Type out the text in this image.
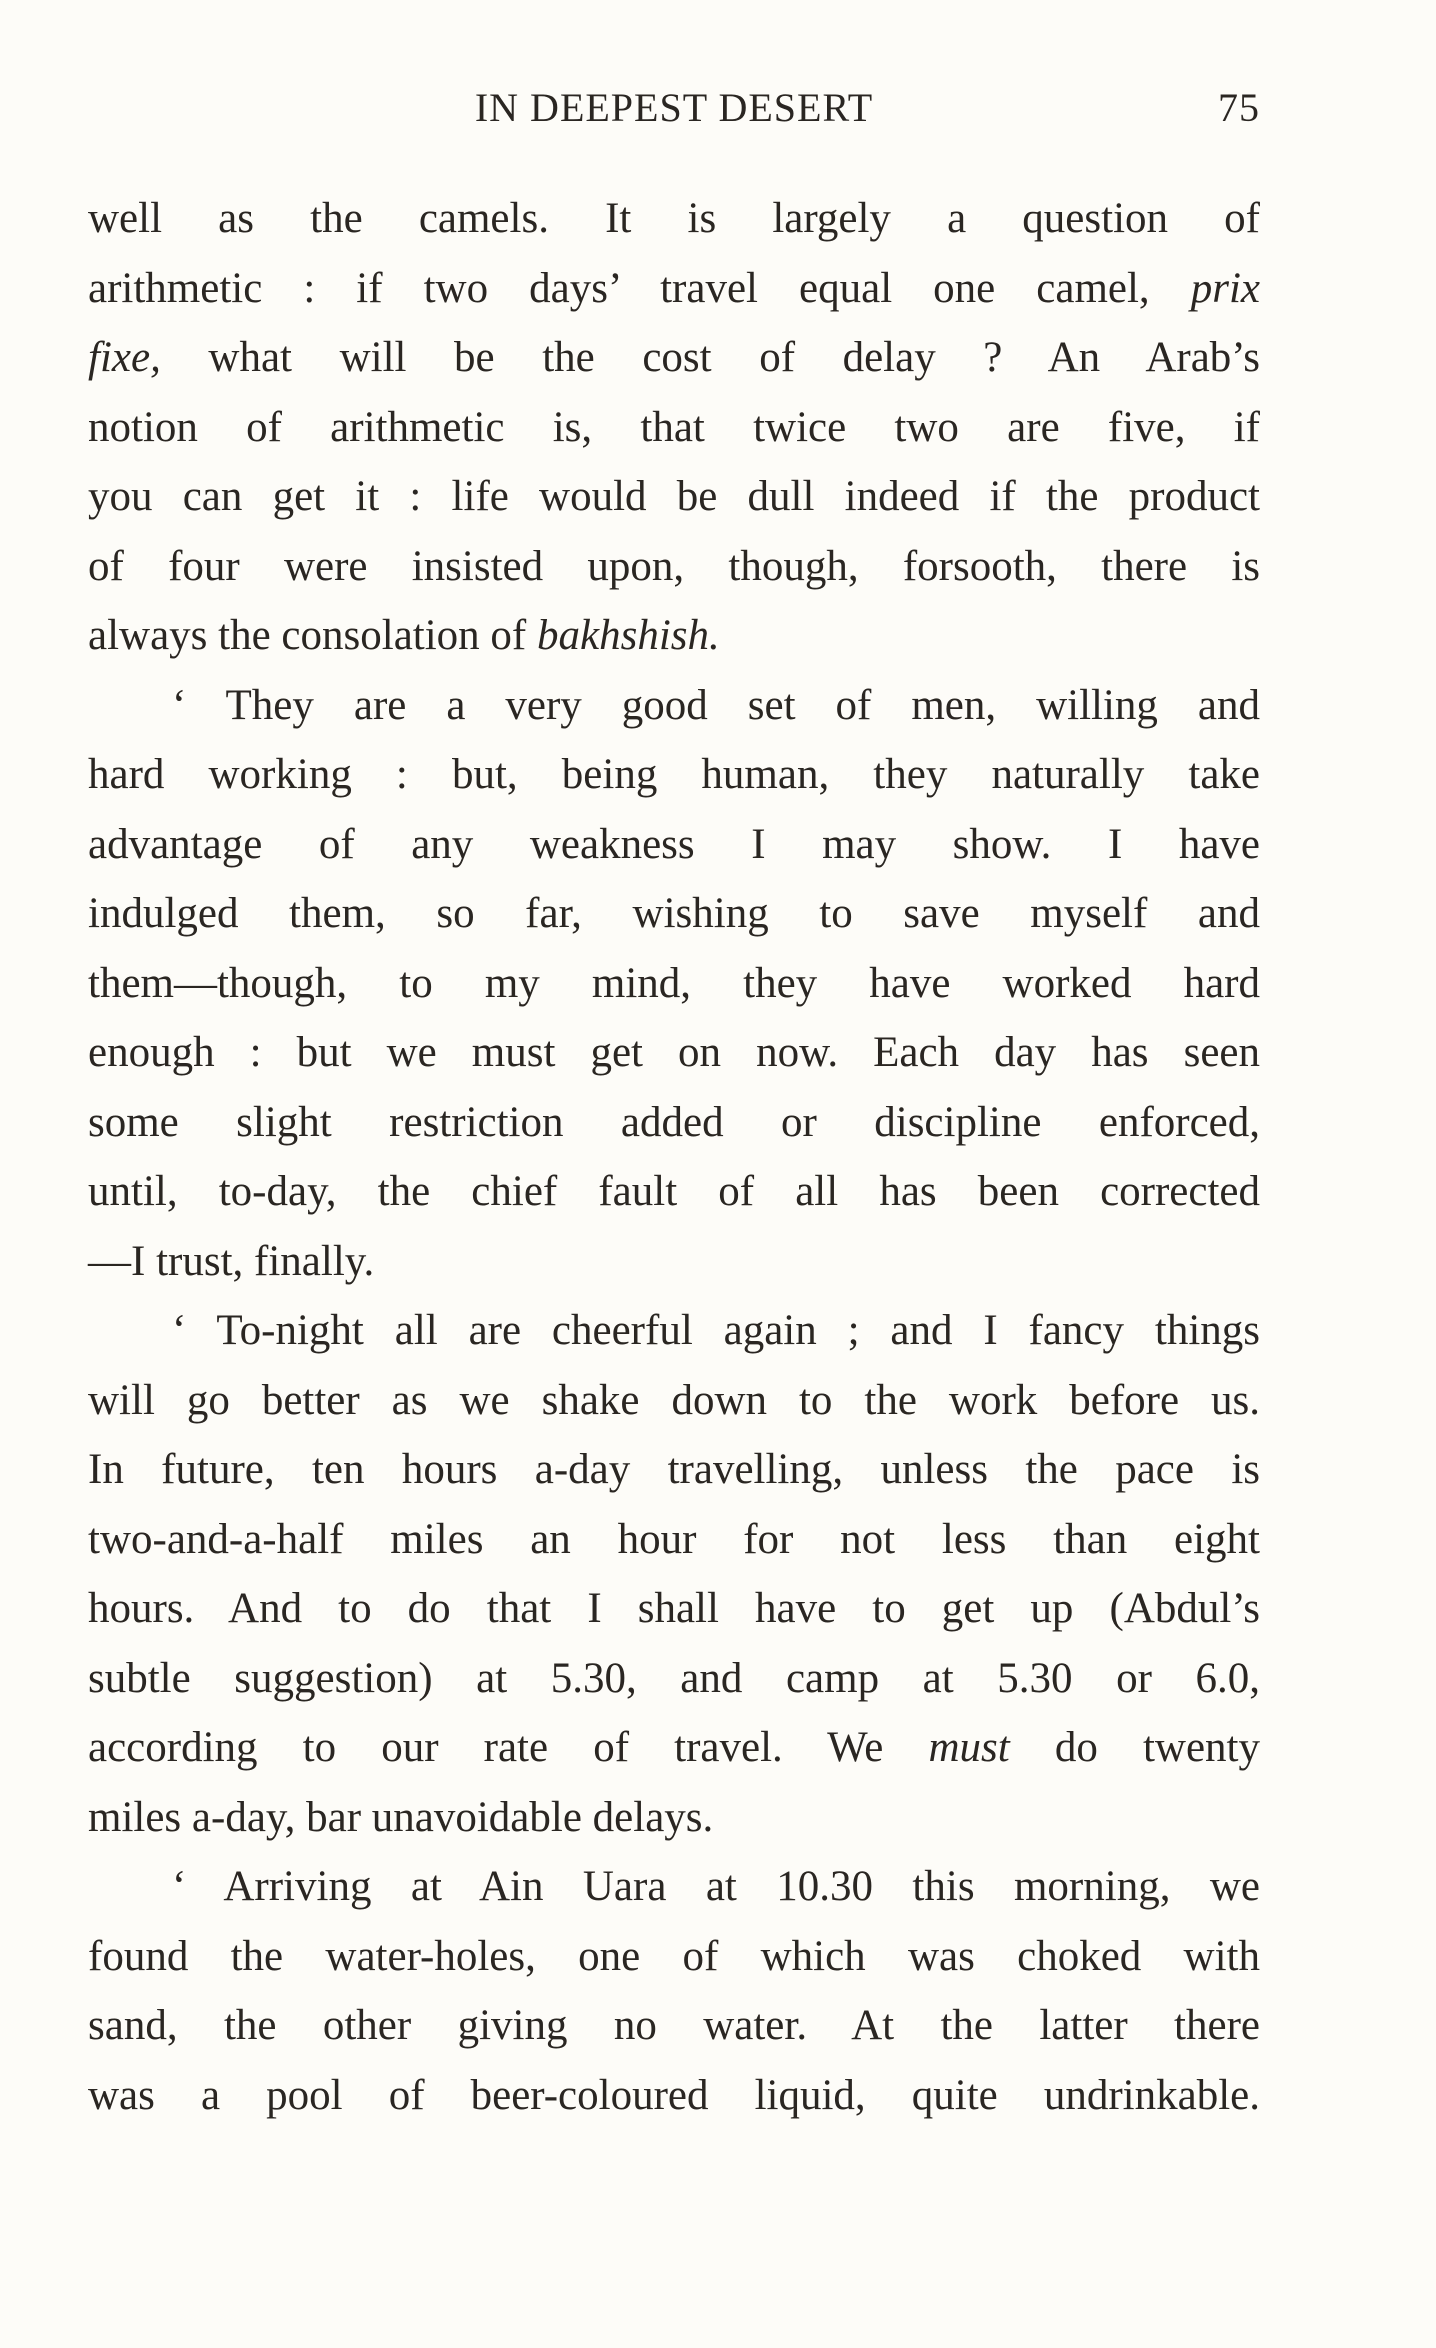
IN DEEPEST DESERT	75
well as the camels. It is largely a question of
arithmetic : if two days’ travel equal one camel, prix
fixe, what will be the cost of delay ? An Arab’s
notion of arithmetic is, that twice two are five, if
you can get it : life would be dull indeed if the product
of four were insisted upon, though, forsooth, there is
always the consolation of bakhshish.
‘ They are a very good set of men, willing and
hard working : but, being human, they naturally take
advantage of any weakness I may show. I have
indulged them, so far, wishing to save myself and
them—though, to my mind, they have worked hard
enough : but we must get on now. Each day has seen
some slight restriction added or discipline enforced,
until, to-day, the chief fault of all has been corrected
—I trust, finally.
‘ To-night all are cheerful again ; and I fancy things
will go better as we shake down to the work before us.
In future, ten hours a-day travelling, unless the pace is
two-and-a-half miles an hour for not less than eight
hours. And to do that I shall have to get up (Abdul’s
subtle suggestion) at 5.30, and camp at 5.30 or 6.0,
according to our rate of travel. We must do twenty
miles a-day, bar unavoidable delays.
‘ Arriving at Ain Uara at 10.30 this morning, we
found the water-holes, one of which was choked with
sand, the other giving no water. At the latter there
was a pool of beer-coloured liquid, quite undrinkable.
